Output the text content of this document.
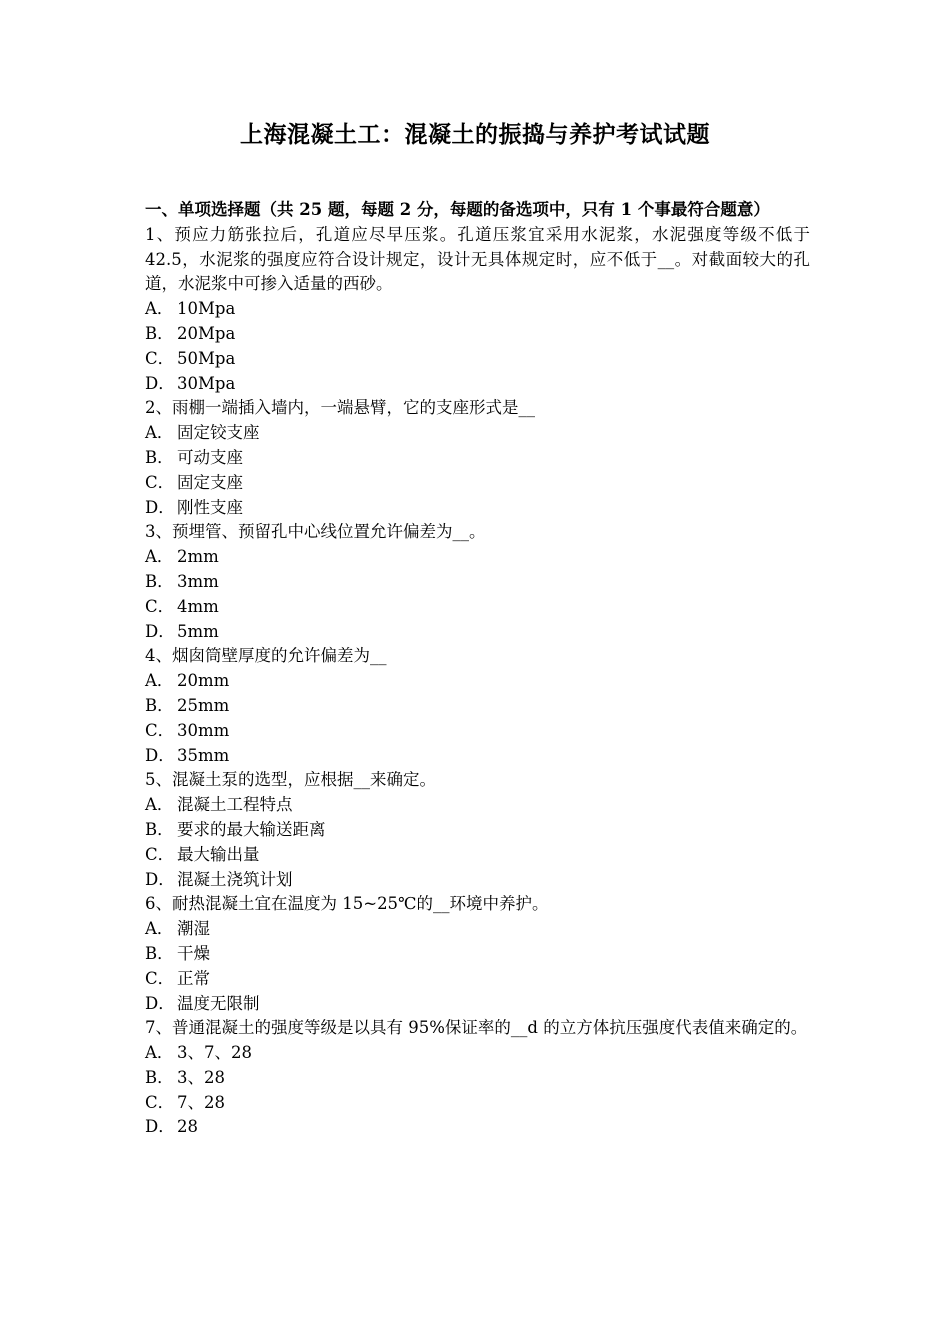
上海混凝土工：混凝土的振捣与养护考试试题

一、单项选择题（共 25 题，每题 2 分，每题的备选项中，只有 1 个事最符合题意）

1、预应力筋张拉后，孔道应尽早压浆。孔道压浆宜采用水泥浆，水泥强度等级不低于 42.5，水泥浆的强度应符合设计规定，设计无具体规定时，应不低于__。对截面较大的孔道，水泥浆中可掺入适量的西砂。

A． 10Mpa
B． 20Mpa
C． 50Mpa
D． 30Mpa

2、雨棚一端插入墙内，一端悬臂，它的支座形式是__

A． 固定铰支座
B． 可动支座
C． 固定支座
D． 刚性支座

3、预埋管、预留孔中心线位置允许偏差为__。

A． 2mm
B． 3mm
C． 4mm
D． 5mm

4、烟囱筒壁厚度的允许偏差为__

A． 20mm
B． 25mm
C． 30mm
D． 35mm

5、混凝土泵的选型，应根据__来确定。

A． 混凝土工程特点
B． 要求的最大输送距离
C． 最大输出量
D． 混凝土浇筑计划

6、耐热混凝土宜在温度为 15~25℃的__环境中养护。

A． 潮湿
B． 干燥
C． 正常
D． 温度无限制

7、普通混凝土的强度等级是以具有 95%保证率的__d 的立方体抗压强度代表值来确定的。

A． 3、7、28
B． 3、28
C． 7、28
D． 28
